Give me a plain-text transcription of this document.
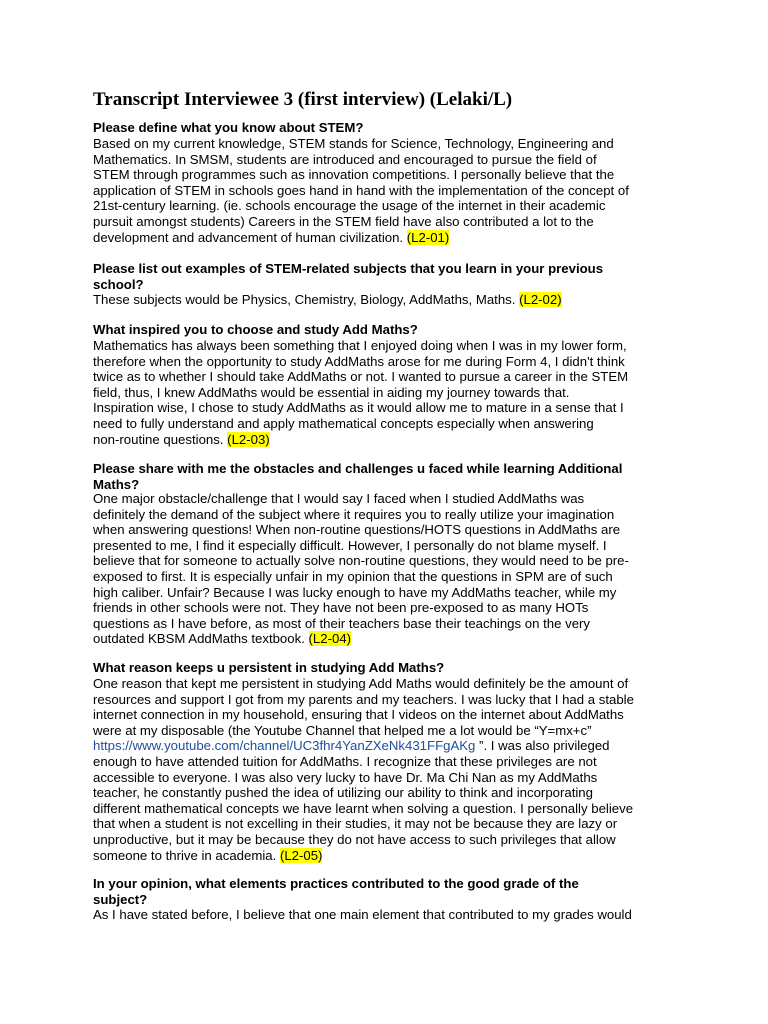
Transcript Interviewee 3 (first interview) (Lelaki/L)
Please define what you know about STEM?
Based on my current knowledge, STEM stands for Science, Technology, Engineering and
Mathematics. In SMSM, students are introduced and encouraged to pursue the field of
STEM through programmes such as innovation competitions. I personally believe that the
application of STEM in schools goes hand in hand with the implementation of the concept of
21st-century learning. (ie. schools encourage the usage of the internet in their academic
pursuit amongst students) Careers in the STEM field have also contributed a lot to the
development and advancement of human civilization. (L2-01)
Please list out examples of STEM-related subjects that you learn in your previous
school?
These subjects would be Physics, Chemistry, Biology, AddMaths, Maths. (L2-02)
What inspired you to choose and study Add Maths?
Mathematics has always been something that I enjoyed doing when I was in my lower form,
therefore when the opportunity to study AddMaths arose for me during Form 4, I didn't think
twice as to whether I should take AddMaths or not. I wanted to pursue a career in the STEM
field, thus, I knew AddMaths would be essential in aiding my journey towards that.
Inspiration wise, I chose to study AddMaths as it would allow me to mature in a sense that I
need to fully understand and apply mathematical concepts especially when answering
non-routine questions. (L2-03)
Please share with me the obstacles and challenges u faced while learning Additional
Maths?
One major obstacle/challenge that I would say I faced when I studied AddMaths was
definitely the demand of the subject where it requires you to really utilize your imagination
when answering questions! When non-routine questions/HOTS questions in AddMaths are
presented to me, I find it especially difficult. However, I personally do not blame myself. I
believe that for someone to actually solve non-routine questions, they would need to be pre-
exposed to first. It is especially unfair in my opinion that the questions in SPM are of such
high caliber. Unfair? Because I was lucky enough to have my AddMaths teacher, while my
friends in other schools were not. They have not been pre-exposed to as many HOTs
questions as I have before, as most of their teachers base their teachings on the very
outdated KBSM AddMaths textbook. (L2-04)
What reason keeps u persistent in studying Add Maths?
One reason that kept me persistent in studying Add Maths would definitely be the amount of
resources and support I got from my parents and my teachers. I was lucky that I had a stable
internet connection in my household, ensuring that I videos on the internet about AddMaths
were at my disposable (the Youtube Channel that helped me a lot would be “Y=mx+c”
https://www.youtube.com/channel/UC3fhr4YanZXeNk431FFgAKg ”. I was also privileged
enough to have attended tuition for AddMaths. I recognize that these privileges are not
accessible to everyone. I was also very lucky to have Dr. Ma Chi Nan as my AddMaths
teacher, he constantly pushed the idea of utilizing our ability to think and incorporating
different mathematical concepts we have learnt when solving a question. I personally believe
that when a student is not excelling in their studies, it may not be because they are lazy or
unproductive, but it may be because they do not have access to such privileges that allow
someone to thrive in academia. (L2-05)
In your opinion, what elements practices contributed to the good grade of the
subject?
As I have stated before, I believe that one main element that contributed to my grades would
